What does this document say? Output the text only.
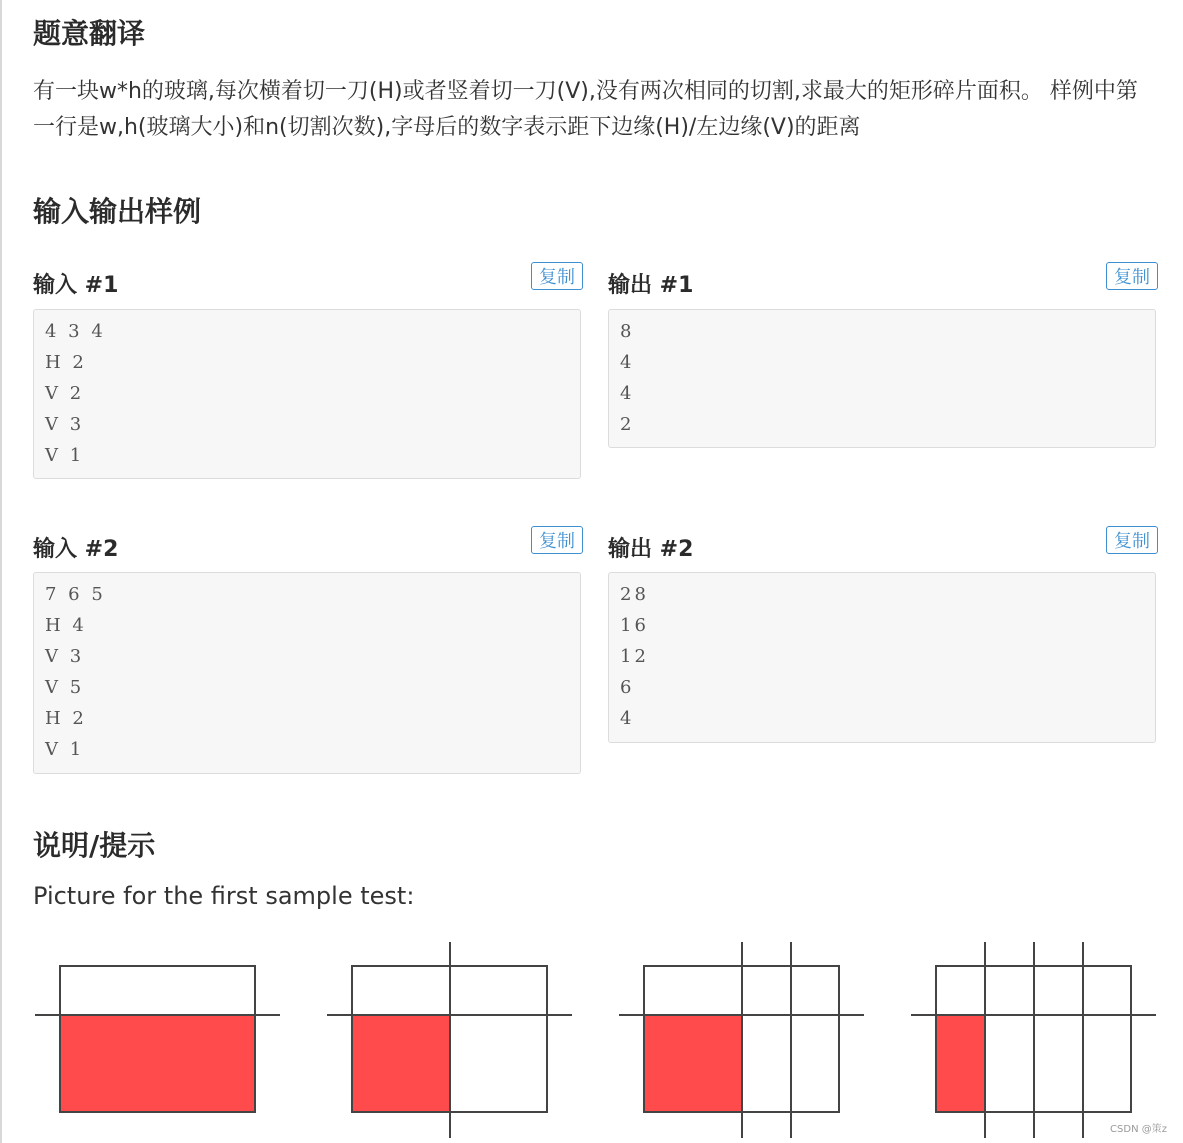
题意翻译
有一块w*h的玻璃,每次横着切一刀(H)或者竖着切一刀(V),没有两次相同的切割,求最大的矩形碎片面积。 样例中第一行是w,h(玻璃大小)和n(切割次数),字母后的数字表示距下边缘(H)/左边缘(V)的距离
输入输出样例
输入 #1	复制
4 3 4
H 2
V 2
V 3
V 1
输出 #1	复制
8
4
4
2
输入 #2	复制
7 6 5
H 4
V 3
V 5
H 2
V 1
输出 #2	复制
28
16
12
6
4
说明/提示
Picture for the first sample test:
CSDN @策z
